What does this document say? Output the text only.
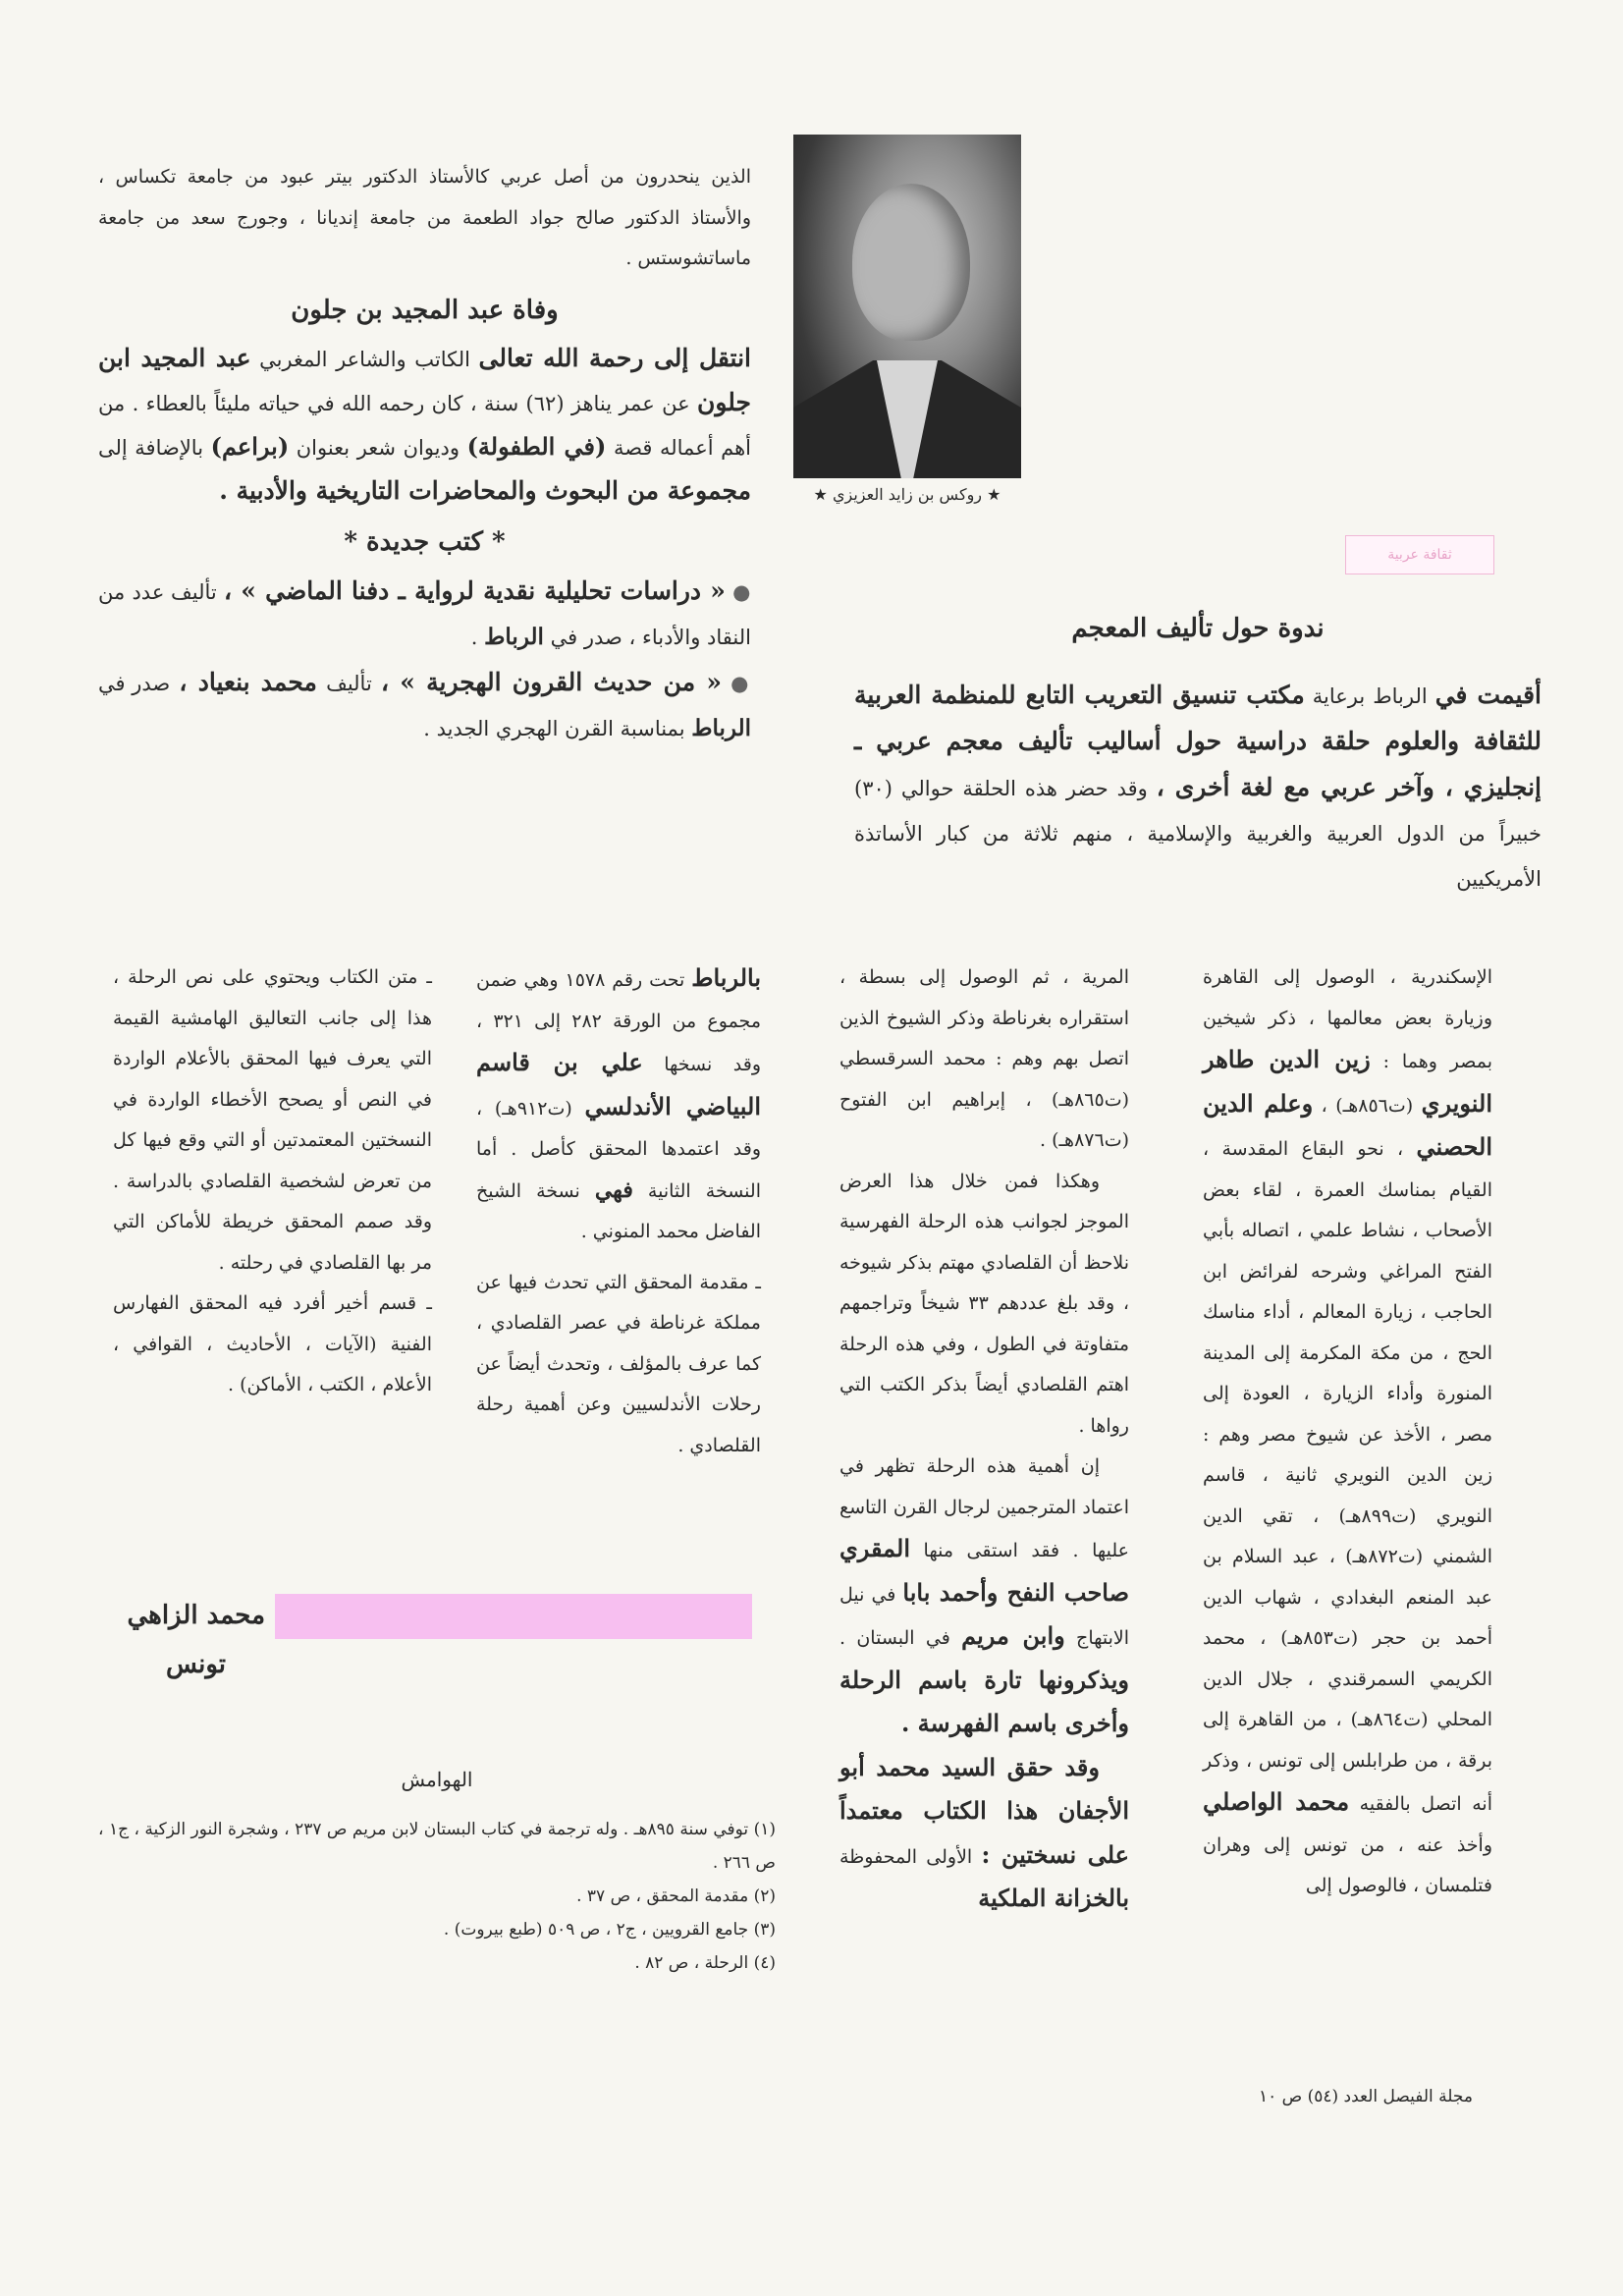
★ روكس بن زايد العزيزي ★
ثقافة عربية

الذين ينحدرون من أصل عربي كالأستاذ الدكتور بيتر عبود من جامعة تكساس ، والأستاذ الدكتور صالح جواد الطعمة من جامعة إنديانا ، وجورج سعد من جامعة ماساتشوستس .

وفاة عبد المجيد بن جلون

انتقل إلى رحمة الله تعالى الكاتب والشاعر المغربي عبد المجيد ابن جلون عن عمر يناهز (٦٢) سنة ، كان رحمه الله في حياته مليئاً بالعطاء . من أهم أعماله قصة (في الطفولة) وديوان شعر بعنوان (براعم) بالإضافة إلى مجموعة من البحوث والمحاضرات التاريخية والأدبية .

* كتب جديدة *

● « دراسات تحليلية نقدية لرواية ـ دفنا الماضي » ، تأليف عدد من النقاد والأدباء ، صدر في الرباط .

● « من حديث القرون الهجرية » ، تأليف محمد بنعياد ، صدر في الرباط بمناسبة القرن الهجري الجديد .

ندوة حول تأليف المعجم

أقيمت في الرباط برعاية مكتب تنسيق التعريب التابع للمنظمة العربية للثقافة والعلوم حلقة دراسية حول أساليب تأليف معجم عربي ـ إنجليزي ، وآخر عربي مع لغة أخرى ، وقد حضر هذه الحلقة حوالي (٣٠) خبيراً من الدول العربية والغربية والإسلامية ، منهم ثلاثة من كبار الأساتذة الأمريكيين

الإسكندرية ، الوصول إلى القاهرة وزيارة بعض معالمها ، ذكر شيخين بمصر وهما : زين الدين طاهر النويري (ت٨٥٦هـ) ، وعلم الدين الحصني ، نحو البقاع المقدسة ، القيام بمناسك العمرة ، لقاء بعض الأصحاب ، نشاط علمي ، اتصاله بأبي الفتح المراغي وشرحه لفرائض ابن الحاجب ، زيارة المعالم ، أداء مناسك الحج ، من مكة المكرمة إلى المدينة المنورة وأداء الزيارة ، العودة إلى مصر ، الأخذ عن شيوخ مصر وهم : زين الدين النويري ثانية ، قاسم النويري (ت٨٩٩هـ) ، تقي الدين الشمني (ت٨٧٢هـ) ، عبد السلام بن عبد المنعم البغدادي ، شهاب الدين أحمد بن حجر (ت٨٥٣هـ) ، محمد الكريمي السمرقندي ، جلال الدين المحلي (ت٨٦٤هـ) ، من القاهرة إلى برقة ، من طرابلس إلى تونس ، وذكر أنه اتصل بالفقيه محمد الواصلي وأخذ عنه ، من تونس إلى وهران فتلمسان ، فالوصول إلى

المرية ، ثم الوصول إلى بسطة ، استقراره بغرناطة وذكر الشيوخ الذين اتصل بهم وهم : محمد السرقسطي (ت٨٦٥هـ) ، إبراهيم ابن الفتوح (ت٨٧٦هـ) .

وهكذا فمن خلال هذا العرض الموجز لجوانب هذه الرحلة الفهرسية نلاحظ أن القلصادي مهتم بذكر شيوخه ، وقد بلغ عددهم ٣٣ شيخاً وتراجمهم متفاوتة في الطول ، وفي هذه الرحلة اهتم القلصادي أيضاً بذكر الكتب التي رواها .

إن أهمية هذه الرحلة تظهر في اعتماد المترجمين لرجال القرن التاسع عليها . فقد استقى منها المقري صاحب النفح وأحمد بابا في نيل الابتهاج وابن مريم في البستان . ويذكرونها تارة باسم الرحلة وأخرى باسم الفهرسة .

وقد حقق السيد محمد أبو الأجفان هذا الكتاب معتمداً على نسختين : الأولى المحفوظة بالخزانة الملكية

بالرباط تحت رقم ١٥٧٨ وهي ضمن مجموع من الورقة ٢٨٢ إلى ٣٢١ ، وقد نسخها علي بن قاسم البياضي الأندلسي (ت٩١٢هـ) ، وقد اعتمدها المحقق كأصل . أما النسخة الثانية فهي نسخة الشيخ الفاضل محمد المنوني .

ـ مقدمة المحقق التي تحدث فيها عن مملكة غرناطة في عصر القلصادي ، كما عرف بالمؤلف ، وتحدث أيضاً عن رحلات الأندلسيين وعن أهمية رحلة القلصادي .

ـ متن الكتاب ويحتوي على نص الرحلة ، هذا إلى جانب التعاليق الهامشية القيمة التي يعرف فيها المحقق بالأعلام الواردة في النص أو يصحح الأخطاء الواردة في النسختين المعتمدتين أو التي وقع فيها كل من تعرض لشخصية القلصادي بالدراسة . وقد صمم المحقق خريطة للأماكن التي مر بها القلصادي في رحلته .

ـ قسم أخير أفرد فيه المحقق الفهارس الفنية (الآيات ، الأحاديث ، القوافي ، الأعلام ، الكتب ، الأماكن) .

محمد الزاهي
تونس
الهوامش

(١) توفي سنة ٨٩٥هـ . وله ترجمة في كتاب البستان لابن مريم ص ٢٣٧ ، وشجرة النور الزكية ، ج١ ، ص ٢٦٦ .

(٢) مقدمة المحقق ، ص ٣٧ .

(٣) جامع القرويين ، ج٢ ، ص ٥٠٩ (طبع بيروت) .

(٤) الرحلة ، ص ٨٢ .

مجلة الفيصل العدد (٥٤) ص ١٠
